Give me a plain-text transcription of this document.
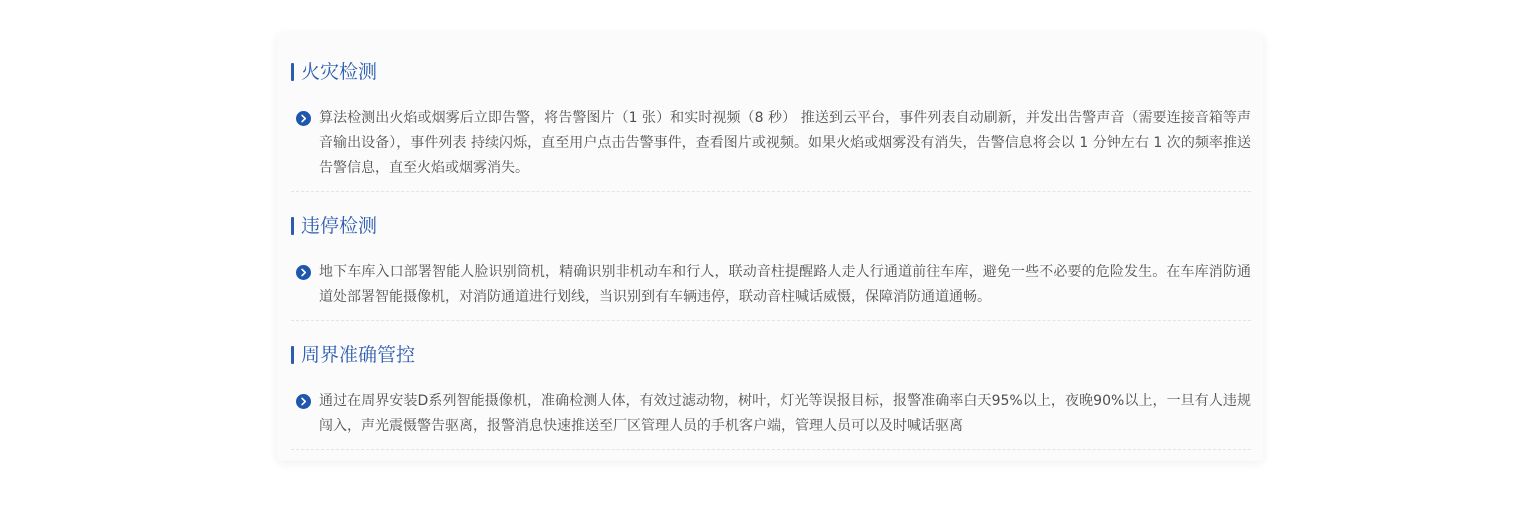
火灾检测
算法检测出火焰或烟雾后立即告警，将告警图片（1 张）和实时视频（8 秒） 推送到云平台，事件列表自动刷新，并发出告警声音（需要连接音箱等声音输出设备），事件列表 持续闪烁，直至用户点击告警事件，查看图片或视频。如果火焰或烟雾没有消失，告警信息将会以 1 分钟左右 1 次的频率推送告警信息，直至火焰或烟雾消失。
违停检测
地下车库入口部署智能人脸识别筒机，精确识别非机动车和行人，联动音柱提醒路人走人行通道前往车库，避免一些不必要的危险发生。在车库消防通道处部署智能摄像机，对消防通道进行划线，当识别到有车辆违停，联动音柱喊话威慑，保障消防通道通畅。
周界准确管控
通过在周界安装D系列智能摄像机，准确检测人体，有效过滤动物，树叶，灯光等误报目标，报警准确率白天95%以上，夜晚90%以上，一旦有人违规闯入，声光震慑警告驱离，报警消息快速推送至厂区管理人员的手机客户端，管理人员可以及时喊话驱离
